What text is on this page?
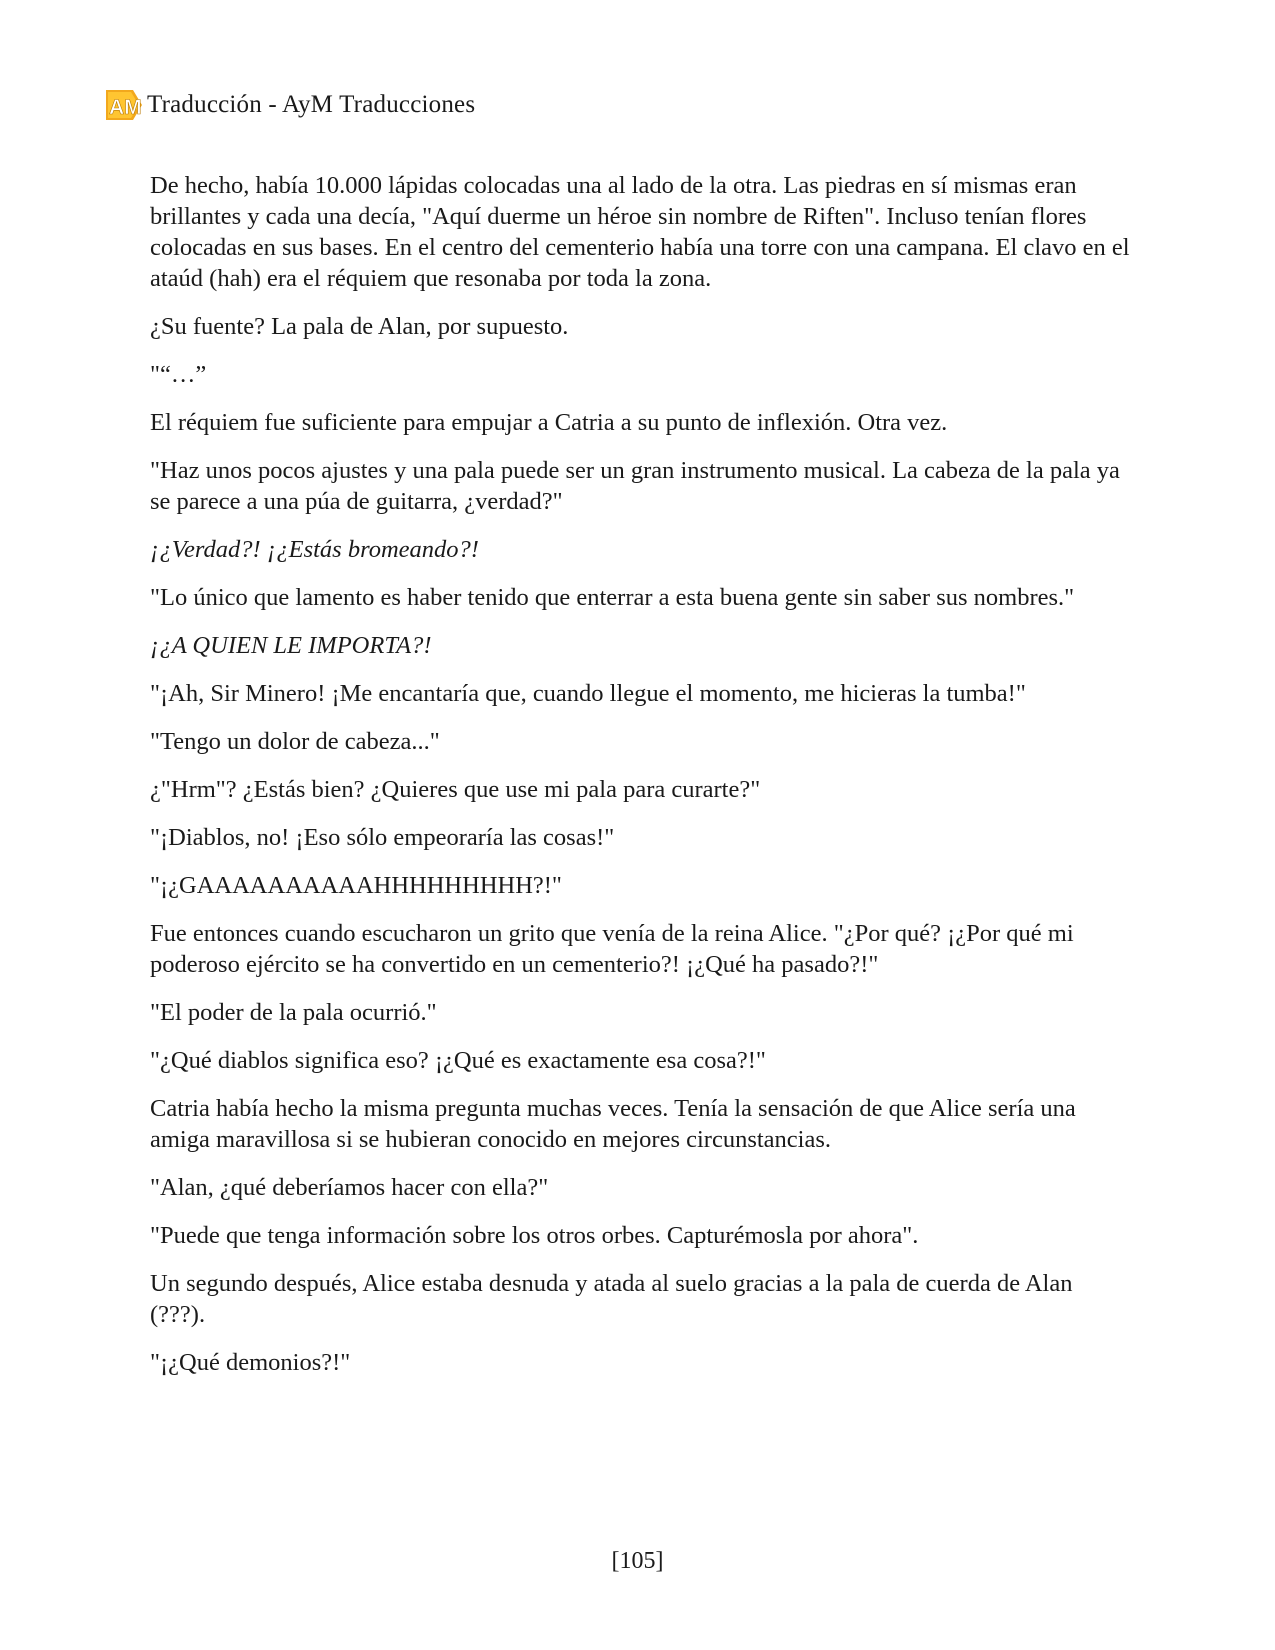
AM Traducción - AyM Traducciones

De hecho, había 10.000 lápidas colocadas una al lado de la otra. Las piedras en sí mismas eran brillantes y cada una decía, "Aquí duerme un héroe sin nombre de Riften". Incluso tenían flores colocadas en sus bases. En el centro del cementerio había una torre con una campana. El clavo en el ataúd (hah) era el réquiem que resonaba por toda la zona.

¿Su fuente? La pala de Alan, por supuesto.

"“…”

El réquiem fue suficiente para empujar a Catria a su punto de inflexión. Otra vez.

"Haz unos pocos ajustes y una pala puede ser un gran instrumento musical. La cabeza de la pala ya se parece a una púa de guitarra, ¿verdad?"

¡¿Verdad?! ¡¿Estás bromeando?!

"Lo único que lamento es haber tenido que enterrar a esta buena gente sin saber sus nombres."

¡¿A QUIEN LE IMPORTA?!

"¡Ah, Sir Minero! ¡Me encantaría que, cuando llegue el momento, me hicieras la tumba!"

"Tengo un dolor de cabeza..."

¿"Hrm"? ¿Estás bien? ¿Quieres que use mi pala para curarte?"

"¡Diablos, no! ¡Eso sólo empeoraría las cosas!"

"¡¿GAAAAAAAAAAHHHHHHHHH?!"

Fue entonces cuando escucharon un grito que venía de la reina Alice. "¿Por qué? ¡¿Por qué mi poderoso ejército se ha convertido en un cementerio?! ¡¿Qué ha pasado?!"

"El poder de la pala ocurrió."

"¿Qué diablos significa eso? ¡¿Qué es exactamente esa cosa?!"

Catria había hecho la misma pregunta muchas veces. Tenía la sensación de que Alice sería una amiga maravillosa si se hubieran conocido en mejores circunstancias.

"Alan, ¿qué deberíamos hacer con ella?"

"Puede que tenga información sobre los otros orbes. Capturémosla por ahora".

Un segundo después, Alice estaba desnuda y atada al suelo gracias a la pala de cuerda de Alan (???).

"¡¿Qué demonios?!"

[105]
